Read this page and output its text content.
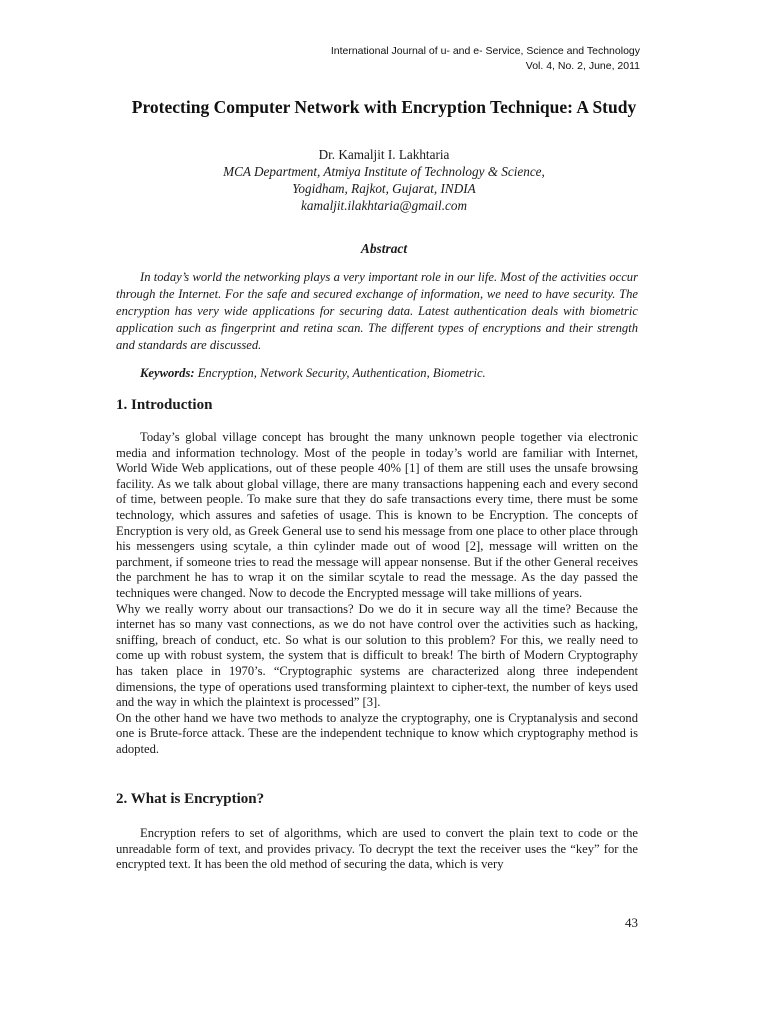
International Journal of u- and e- Service, Science and Technology
Vol. 4, No. 2, June, 2011
Protecting Computer Network with Encryption Technique: A Study
Dr. Kamaljit I. Lakhtaria
MCA Department, Atmiya Institute of Technology & Science,
Yogidham, Rajkot, Gujarat, INDIA
kamaljit.ilakhtaria@gmail.com
Abstract

In today’s world the networking plays a very important role in our life. Most of the activities occur through the Internet. For the safe and secured exchange of information, we need to have security. The encryption has very wide applications for securing data. Latest authentication deals with biometric application such as fingerprint and retina scan. The different types of encryptions and their strength and standards are discussed.

Keywords: Encryption, Network Security, Authentication, Biometric.

1. Introduction

Today’s global village concept has brought the many unknown people together via electronic media and information technology. Most of the people in today’s world are familiar with Internet, World Wide Web applications, out of these people 40% [1] of them are still uses the unsafe browsing facility. As we talk about global village, there are many transactions happening each and every second of time, between people. To make sure that they do safe transactions every time, there must be some technology, which assures and safeties of usage. This is known to be Encryption. The concepts of Encryption is very old, as Greek General use to send his message from one place to other place through his messengers using scytale, a thin cylinder made out of wood [2], message will written on the parchment, if someone tries to read the message will appear nonsense. But if the other General receives the parchment he has to wrap it on the similar scytale to read the message. As the day passed the techniques were changed. Now to decode the Encrypted message will take millions of years.

Why we really worry about our transactions? Do we do it in secure way all the time? Because the internet has so many vast connections, as we do not have control over the activities such as hacking, sniffing, breach of conduct, etc. So what is our solution to this problem? For this, we really need to come up with robust system, the system that is difficult to break! The birth of Modern Cryptography has taken place in 1970’s. “Cryptographic systems are characterized along three independent dimensions, the type of operations used transforming plaintext to cipher-text, the number of keys used and the way in which the plaintext is processed” [3].

On the other hand we have two methods to analyze the cryptography, one is Cryptanalysis and second one is Brute-force attack. These are the independent technique to know which cryptography method is adopted.

2. What is Encryption?

Encryption refers to set of algorithms, which are used to convert the plain text to code or the unreadable form of text, and provides privacy. To decrypt the text the receiver uses the “key” for the encrypted text. It has been the old method of securing the data, which is very

43
